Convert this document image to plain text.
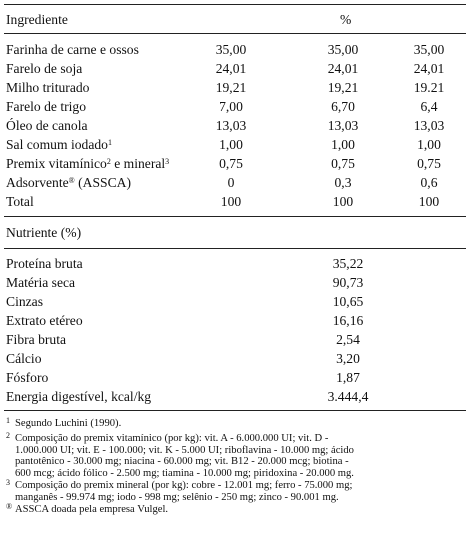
Ingrediente	%
Farinha de carne e ossos	35,00	35,00	35,00
Farelo de soja	24,01	24,01	24,01
Milho triturado	19,21	19,21	19.21
Farelo de trigo	7,00	6,70	6,4
Óleo de canola	13,03	13,03	13,03
Sal comum iodado$^1$	1,00	1,00	1,00
Premix vitamínico$^2$ e mineral$^3$	0,75	0,75	0,75
Adsorvente® (ASSCA)	0	0,3	0,6
Total	100	100	100
Nutriente (%)
Proteína bruta	35,22
Matéria seca	90,73
Cinzas	10,65
Extrato etéreo	16,16
Fibra bruta	2,54
Cálcio	3,20
Fósforo	1,87
Energia digestível, kcal/kg	3.444,4
1 Segundo Luchini (1990).
2 Composição do premix vitamínico (por kg): vit. A - 6.000.000 UI; vit. D -
1.000.000 UI; vit. E - 100.000; vit. K - 5.000 UI; riboflavina - 10.000 mg; ácido
pantotênico - 30.000 mg; niacina - 60.000 mg; vit. B12 - 20.000 mcg; biotina -
600 mcg; ácido fólico - 2.500 mg; tiamina - 10.000 mg; piridoxina - 20.000 mg.
3 Composição do premix mineral (por kg): cobre - 12.001 mg; ferro - 75.000 mg;
manganês - 99.974 mg; iodo - 998 mg; selênio - 250 mg; zinco - 90.001 mg.
® ASSCA doada pela empresa Vulgel.
